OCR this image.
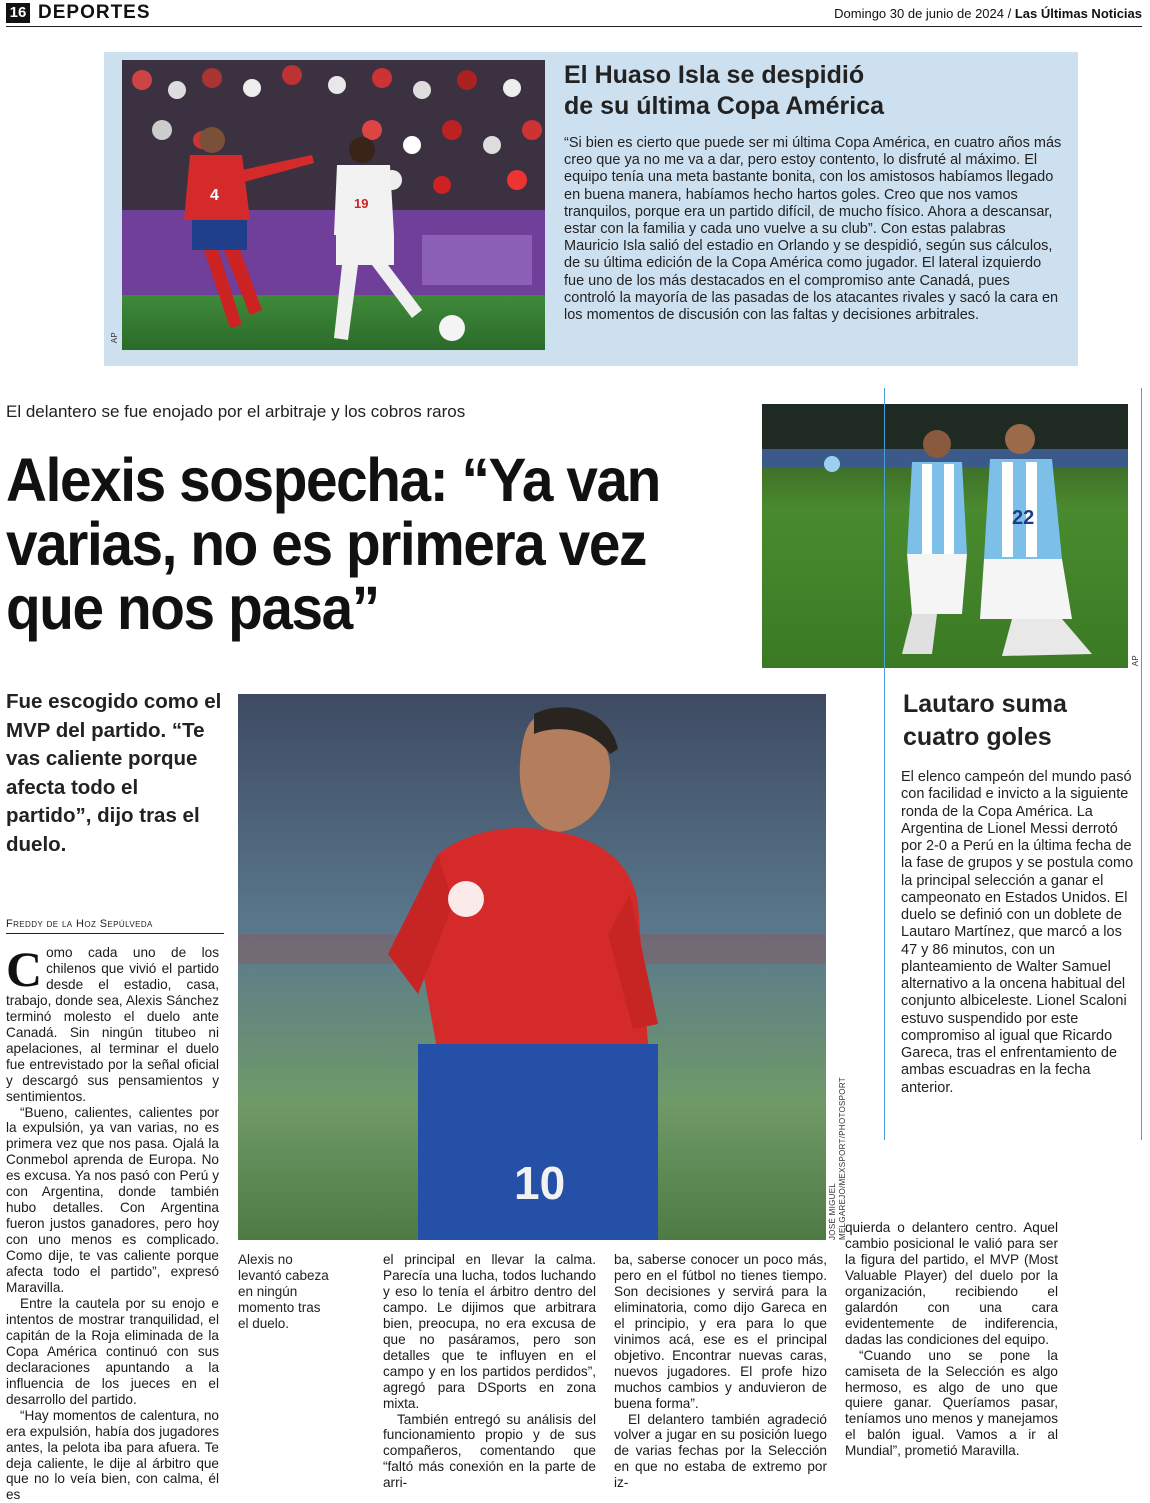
16 DEPORTES	Domingo 30 de junio de 2024 / Las Últimas Noticias
4	19
AP
El Huaso Isla se despidió
de su última Copa América

“Si bien es cierto que puede ser mi última Copa América, en cuatro años más creo que ya no me va a dar, pero estoy contento, lo disfruté al máximo. El equipo tenía una meta bastante bonita, con los amistosos habíamos llegado en buena manera, habíamos hecho hartos goles. Creo que nos vamos tranquilos, porque era un partido difícil, de mucho físico. Ahora a descansar, estar con la familia y cada uno vuelve a su club”. Con estas palabras Mauricio Isla salió del estadio en Orlando y se despidió, según sus cálculos, de su última edición de la Copa América como jugador. El lateral izquierdo fue uno de los más destacados en el compromiso ante Canadá, pues controló la mayoría de las pasadas de los atacantes rivales y sacó la cara en los momentos de discusión con las faltas y decisiones arbitrales.

El delantero se fue enojado por el arbitraje y los cobros raros
Alexis sospecha: “Ya van
varias, no es primera vez
que nos pasa”
Fue escogido como el MVP del partido. “Te vas caliente porque afecta todo el partido”, dijo tras el duelo.
Freddy de la Hoz Sepúlveda
10
JOSÉ MIGUEL MELGAREJO/MEXSPORT/PHOTOSPORT
Alexis no levantó cabeza en ningún momento tras el duelo.

Como cada uno de los chilenos que vivió el partido desde el estadio, casa, trabajo, donde sea, Alexis Sánchez terminó molesto el duelo ante Canadá. Sin ningún titubeo ni apelaciones, al terminar el duelo fue entrevistado por la señal oficial y descargó sus pensamientos y sentimientos.

“Bueno, calientes, calientes por la expulsión, ya van varias, no es primera vez que nos pasa. Ojalá la Conmebol aprenda de Europa. No es excusa. Ya nos pasó con Perú y con Argentina, donde también hubo detalles. Con Argentina fueron justos ganadores, pero hoy con uno menos es complicado. Como dije, te vas caliente porque afecta todo el partido”, expresó Maravilla.

Entre la cautela por su enojo e intentos de mostrar tranquilidad, el capitán de la Roja eliminada de la Copa América continuó con sus declaraciones apuntando a la influencia de los jueces en el desarrollo del partido.

“Hay momentos de calentura, no era expulsión, había dos jugadores antes, la pelota iba para afuera. Te deja caliente, le dije al árbitro que que no lo veía bien, con calma, él es

el principal en llevar la calma. Parecía una lucha, todos luchando y eso lo tenía el árbitro dentro del campo. Le dijimos que arbitrara bien, preocupa, no era excusa de que no pasáramos, pero son detalles que te influyen en el campo y en los partidos perdidos”, agregó para DSports en zona mixta.

También entregó su análisis del funcionamiento propio y de sus compañeros, comentando que “faltó más conexión en la parte de arri-

ba, saberse conocer un poco más, pero en el fútbol no tienes tiempo. Son decisiones y servirá para la eliminatoria, como dijo Gareca en el principio, y era para lo que vinimos acá, ese es el principal objetivo. Encontrar nuevas caras, nuevos jugadores. El profe hizo muchos cambios y anduvieron de buena forma”.

El delantero también agradeció volver a jugar en su posición luego de varias fechas por la Selección en que no estaba de extremo por iz-

quierda o delantero centro. Aquel cambio posicional le valió para ser la figura del partido, el MVP (Most Valuable Player) del duelo por la organización, recibiendo el galardón con una cara evidentemente de indiferencia, dadas las condiciones del equipo.

“Cuando uno se pone la camiseta de la Selección es algo hermoso, es algo de uno que quiere ganar. Queríamos pasar, teníamos uno menos y manejamos el balón igual. Vamos a ir al Mundial”, prometió Maravilla.

22
AP
Lautaro suma
cuatro goles

El elenco campeón del mundo pasó con facilidad e invicto a la siguiente ronda de la Copa América. La Argentina de Lionel Messi derrotó por 2-0 a Perú en la última fecha de la fase de grupos y se postula como la principal selección a ganar el campeonato en Estados Unidos. El duelo se definió con un doblete de Lautaro Martínez, que marcó a los 47 y 86 minutos, con un planteamiento de Walter Samuel alternativo a la oncena habitual del conjunto albiceleste. Lionel Scaloni estuvo suspendido por este compromiso al igual que Ricardo Gareca, tras el enfrentamiento de ambas escuadras en la fecha anterior.
